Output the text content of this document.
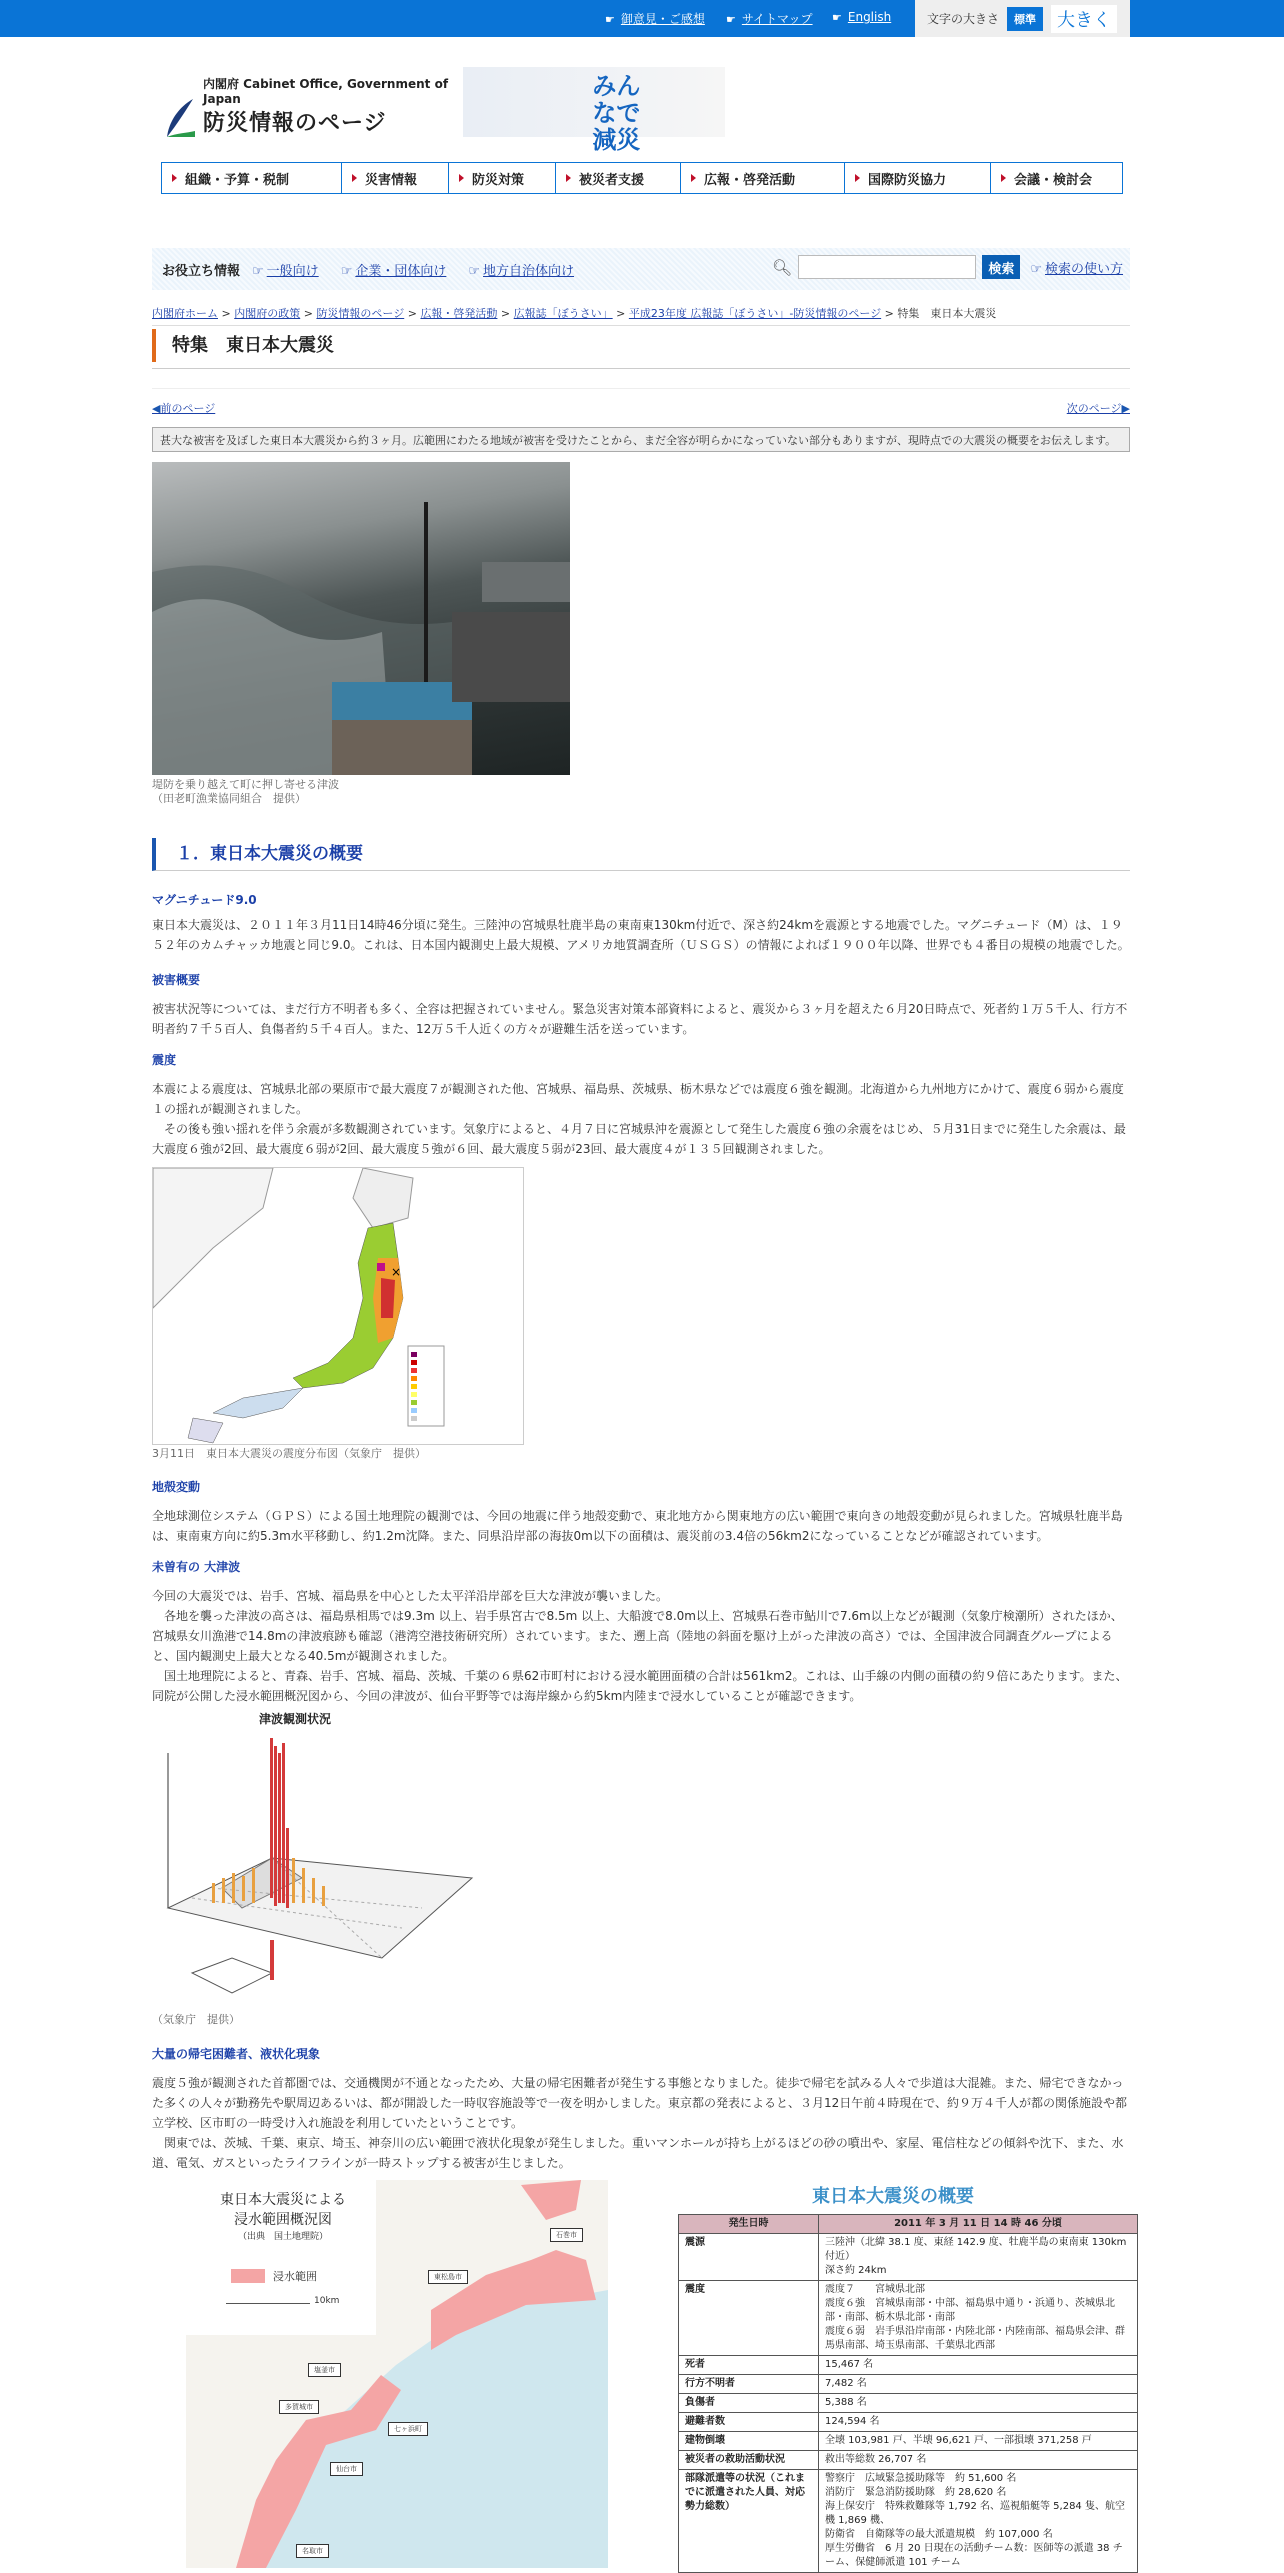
☛ 御意見・ご感想	☛ サイトマップ	☛ English	文字の大きさ	標準	大きく
内閣府 Cabinet Office, Government of Japan
防災情報のページ
みんなで減災
組織・予算・税制	災害情報	防災対策	被災者支援	広報・啓発活動	国際防災協力	会議・検討会
お役立ち情報	☞ 一般向け	☞ 企業・団体向け	☞ 地方自治体向け	🔍︎	検索	☞ 検索の使い方
内閣府ホーム > 内閣府の政策 > 防災情報のページ > 広報・啓発活動 > 広報誌「ぼうさい」 > 平成23年度 広報誌「ぼうさい」-防災情報のページ > 特集　東日本大震災
特集　東日本大震災
◀前のページ	次のページ▶
甚大な被害を及ぼした東日本大震災から約３ヶ月。広範囲にわたる地域が被害を受けたことから、まだ全容が明らかになっていない部分もありますが、現時点での大震災の概要をお伝えします。
堤防を乗り越えて町に押し寄せる津波
（田老町漁業協同組合　提供）
１．東日本大震災の概要
マグニチュード9.0
東日本大震災は、２０１１年３月11日14時46分頃に発生。三陸沖の宮城県牡鹿半島の東南東130km付近で、深さ約24kmを震源とする地震でした。マグニチュード（M）は、１９５２年のカムチャッカ地震と同じ9.0。これは、日本国内観測史上最大規模、アメリカ地質調査所（ＵＳＧＳ）の情報によれば１９００年以降、世界でも４番目の規模の地震でした。
被害概要
被害状況等については、まだ行方不明者も多く、全容は把握されていません。緊急災害対策本部資料によると、震災から３ヶ月を超えた６月20日時点で、死者約１万５千人、行方不明者約７千５百人、負傷者約５千４百人。また、12万５千人近くの方々が避難生活を送っています。
震度
本震による震度は、宮城県北部の栗原市で最大震度７が観測された他、宮城県、福島県、茨城県、栃木県などでは震度６強を観測。北海道から九州地方にかけて、震度６弱から震度１の揺れが観測されました。
　その後も強い揺れを伴う余震が多数観測されています。気象庁によると、４月７日に宮城県沖を震源として発生した震度６強の余震をはじめ、５月31日までに発生した余震は、最大震度６強が2回、最大震度６弱が2回、最大震度５強が６回、最大震度５弱が23回、最大震度４が１３５回観測されました。
×
3月11日　東日本大震災の震度分布図（気象庁　提供）
地殻変動
全地球測位システム（ＧＰＳ）による国土地理院の観測では、今回の地震に伴う地殻変動で、東北地方から関東地方の広い範囲で東向きの地殻変動が見られました。宮城県牡鹿半島は、東南東方向に約5.3m水平移動し、約1.2m沈降。また、同県沿岸部の海抜0m以下の面積は、震災前の3.4倍の56km2になっていることなどが確認されています。
未曽有の 大津波
今回の大震災では、岩手、宮城、福島県を中心とした太平洋沿岸部を巨大な津波が襲いました。
　各地を襲った津波の高さは、福島県相馬では9.3m 以上、岩手県宮古で8.5m 以上、大船渡で8.0m以上、宮城県石巻市鮎川で7.6m以上などが観測（気象庁検潮所）されたほか、宮城県女川漁港で14.8mの津波痕跡も確認（港湾空港技術研究所）されています。また、遡上高（陸地の斜面を駆け上がった津波の高さ）では、全国津波合同調査グループによると、国内観測史上最大となる40.5mが観測されました。
　国土地理院によると、青森、岩手、宮城、福島、茨城、千葉の６県62市町村における浸水範囲面積の合計は561km2。これは、山手線の内側の面積の約９倍にあたります。また、同院が公開した浸水範囲概況図から、今回の津波が、仙台平野等では海岸線から約5km内陸まで浸水していることが確認できます。
津波観測状況
（気象庁　提供）
大量の帰宅困難者、液状化現象
震度５強が観測された首都圏では、交通機関が不通となったため、大量の帰宅困難者が発生する事態となりました。徒歩で帰宅を試みる人々で歩道は大混雑。また、帰宅できなかった多くの人々が勤務先や駅周辺あるいは、都が開設した一時収容施設等で一夜を明かしました。東京都の発表によると、３月12日午前４時現在で、約９万４千人が都の関係施設や都立学校、区市町の一時受け入れ施設を利用していたということです。
　関東では、茨城、千葉、東京、埼玉、神奈川の広い範囲で液状化現象が発生しました。重いマンホールが持ち上がるほどの砂の噴出や、家屋、電信柱などの傾斜や沈下、また、水道、電気、ガスといったライフラインが一時ストップする被害が生じました。
東日本大震災による
浸水範囲概況図
（出典　国土地理院）
浸水範囲
10km
石巻市
東松島市
塩釜市
多賀城市
七ヶ浜町
仙台市
名取市
東日本大震災の概要
発生日時	2011 年 3 月 11 日 14 時 46 分頃
震源	三陸沖（北緯 38.1 度、東経 142.9 度、牡鹿半島の東南東 130km付近）
深さ約 24km
震度	震度７　　宮城県北部
震度６強　宮城県南部・中部、福島県中通り・浜通り、茨城県北部・南部、栃木県北部・南部
震度６弱　岩手県沿岸南部・内陸北部・内陸南部、福島県会津、群馬県南部、埼玉県南部、千葉県北西部
死者	15,467 名
行方不明者	7,482 名
負傷者	5,388 名
避難者数	124,594 名
建物倒壊	全壊 103,981 戸、半壊 96,621 戸、一部損壊 371,258 戸
被災者の救助活動状況	救出等総数 26,707 名
部隊派遣等の状況（これまでに派遣された人員、対応勢力総数）	警察庁　広域緊急援助隊等　約 51,600 名
消防庁　緊急消防援助隊　約 28,620 名
海上保安庁　特殊救難隊等 1,792 名、巡視船艇等 5,284 隻、航空機 1,869 機、
防衛省　自衛隊等の最大派遣規模　約 107,000 名
厚生労働省　6 月 20 日現在の活動チーム数：医師等の派遣 38 チーム、保健師派遣 101 チーム
